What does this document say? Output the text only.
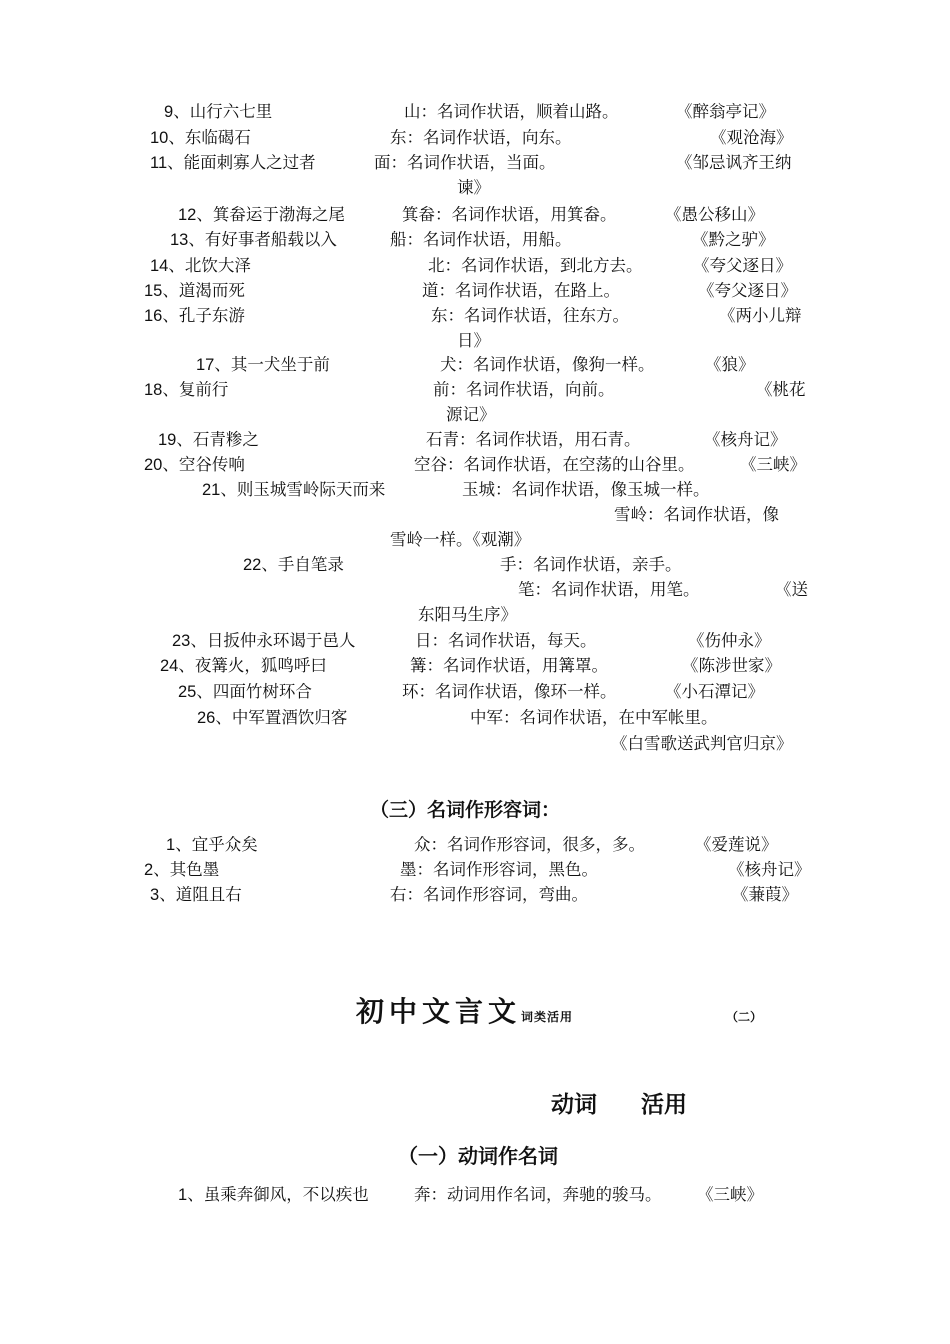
9、山行六七里	山：名词作状语，顺着山路。	《醉翁亭记》
10、东临碣石	东：名词作状语，向东。	《观沧海》
11、能面刺寡人之过者	面：名词作状语，当面。	《邹忌讽齐王纳
谏》
12、箕畚运于渤海之尾	箕畚：名词作状语，用箕畚。	《愚公移山》
13、有好事者船载以入	船：名词作状语，用船。	《黔之驴》
14、北饮大泽	北：名词作状语，到北方去。	《夸父逐日》
15、道渴而死	道：名词作状语，在路上。	《夸父逐日》
16、孔子东游	东：名词作状语，往东方。	《两小儿辩
日》
17、其一犬坐于前	犬：名词作状语，像狗一样。	《狼》
18、复前行	前：名词作状语，向前。	《桃花
源记》
19、石青糁之	石青：名词作状语，用石青。	《核舟记》
20、空谷传响	空谷：名词作状语，在空荡的山谷里。	《三峡》
21、则玉城雪岭际天而来	玉城：名词作状语，像玉城一样。
雪岭：名词作状语，像
雪岭一样。《观潮》
22、手自笔录	手：名词作状语，亲手。
笔：名词作状语，用笔。	《送
东阳马生序》
23、日扳仲永环谒于邑人	日：名词作状语，每天。	《伤仲永》
24、夜篝火，狐鸣呼曰	篝：名词作状语，用篝罩。	《陈涉世家》
25、四面竹树环合	环：名词作状语，像环一样。	《小石潭记》
26、中军置酒饮归客	中军：名词作状语，在中军帐里。
《白雪歌送武判官归京》
（三）名词作形容词：
1、宜乎众矣	众：名词作形容词，很多，多。	《爱莲说》
2、其色墨	墨：名词作形容词，黑色。	《核舟记》
3、道阻且右	右：名词作形容词，弯曲。	《蒹葭》
初中文言文词类活用	（二）
动词 活用
（一）动词作名词
1、虽乘奔御风，不以疾也	奔：动词用作名词，奔驰的骏马。 《三峡》
